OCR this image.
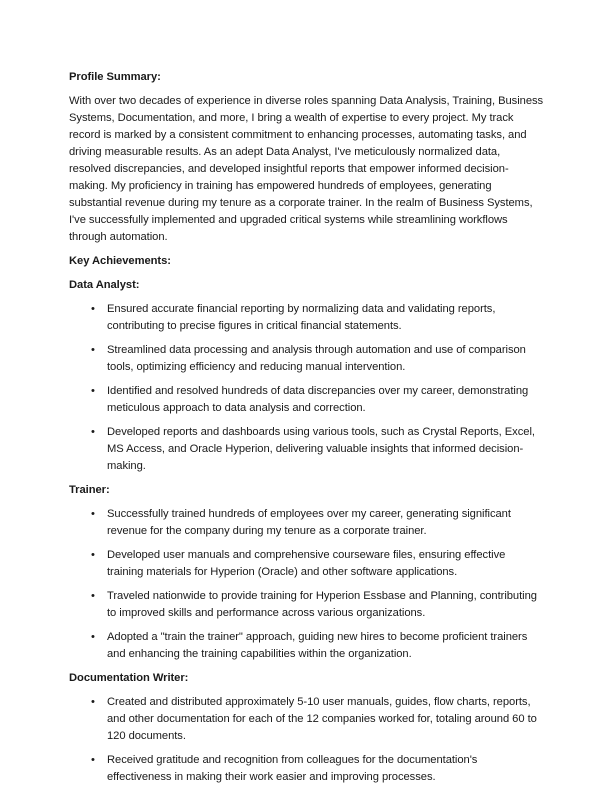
Profile Summary:

With over two decades of experience in diverse roles spanning Data Analysis, Training, Business Systems, Documentation, and more, I bring a wealth of expertise to every project. My track record is marked by a consistent commitment to enhancing processes, automating tasks, and driving measurable results. As an adept Data Analyst, I've meticulously normalized data, resolved discrepancies, and developed insightful reports that empower informed decision-making. My proficiency in training has empowered hundreds of employees, generating substantial revenue during my tenure as a corporate trainer. In the realm of Business Systems, I've successfully implemented and upgraded critical systems while streamlining workflows through automation.

Key Achievements:

Data Analyst:

• Ensured accurate financial reporting by normalizing data and validating reports, contributing to precise figures in critical financial statements.
• Streamlined data processing and analysis through automation and use of comparison tools, optimizing efficiency and reducing manual intervention.
• Identified and resolved hundreds of data discrepancies over my career, demonstrating meticulous approach to data analysis and correction.
• Developed reports and dashboards using various tools, such as Crystal Reports, Excel, MS Access, and Oracle Hyperion, delivering valuable insights that informed decision-making.

Trainer:

• Successfully trained hundreds of employees over my career, generating significant revenue for the company during my tenure as a corporate trainer.
• Developed user manuals and comprehensive courseware files, ensuring effective training materials for Hyperion (Oracle) and other software applications.
• Traveled nationwide to provide training for Hyperion Essbase and Planning, contributing to improved skills and performance across various organizations.
• Adopted a "train the trainer" approach, guiding new hires to become proficient trainers and enhancing the training capabilities within the organization.

Documentation Writer:

• Created and distributed approximately 5-10 user manuals, guides, flow charts, reports, and other documentation for each of the 12 companies worked for, totaling around 60 to 120 documents.
• Received gratitude and recognition from colleagues for the documentation's effectiveness in making their work easier and improving processes.
